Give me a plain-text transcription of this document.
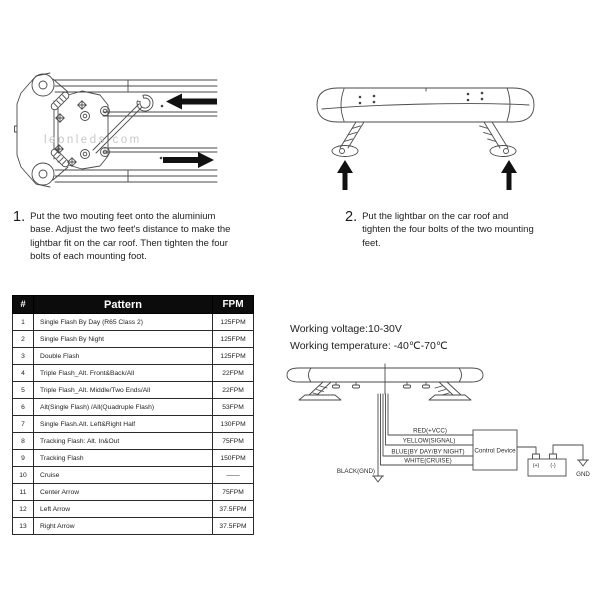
leonleds.com
1. Put the two mouting feet onto the aluminium base. Adjust the two feet's distance to make the lightbar fit on the car roof. Then tighten the four bolts of each mounting foot.
2. Put the lightbar on the car roof and tighten the four bolts of the two mounting feet.
#	Pattern	FPM
1	Single Flash By Day (R65 Class 2)	125FPM
2	Single Flash By Night	125FPM
3	Double Flash	125FPM
4	Triple Flash_Alt. Front&Back/All	22FPM
5	Triple Flash_Alt. Middle/Two Ends/All	22FPM
6	Alt(Single Flash) /All(Quadruple Flash)	53FPM
7	Single Flash.Alt. Left&Right Half	130FPM
8	Tracking Flash: Alt. In&Out	75FPM
9	Tracking Flash	150FPM
10	Cruise	——
11	Center Arrow	75FPM
12	Left Arrow	37.5FPM
13	Right Arrow	37.5FPM
Working voltage:10-30V
Working temperature: -40℃-70℃
RED(+VCC)
YELLOW(SIGNAL)
BLUE(BY DAY/BY NIGHT)
WHITE(CRUISE)
BLACK(GND)
Control Device
(+) (-)
GND
